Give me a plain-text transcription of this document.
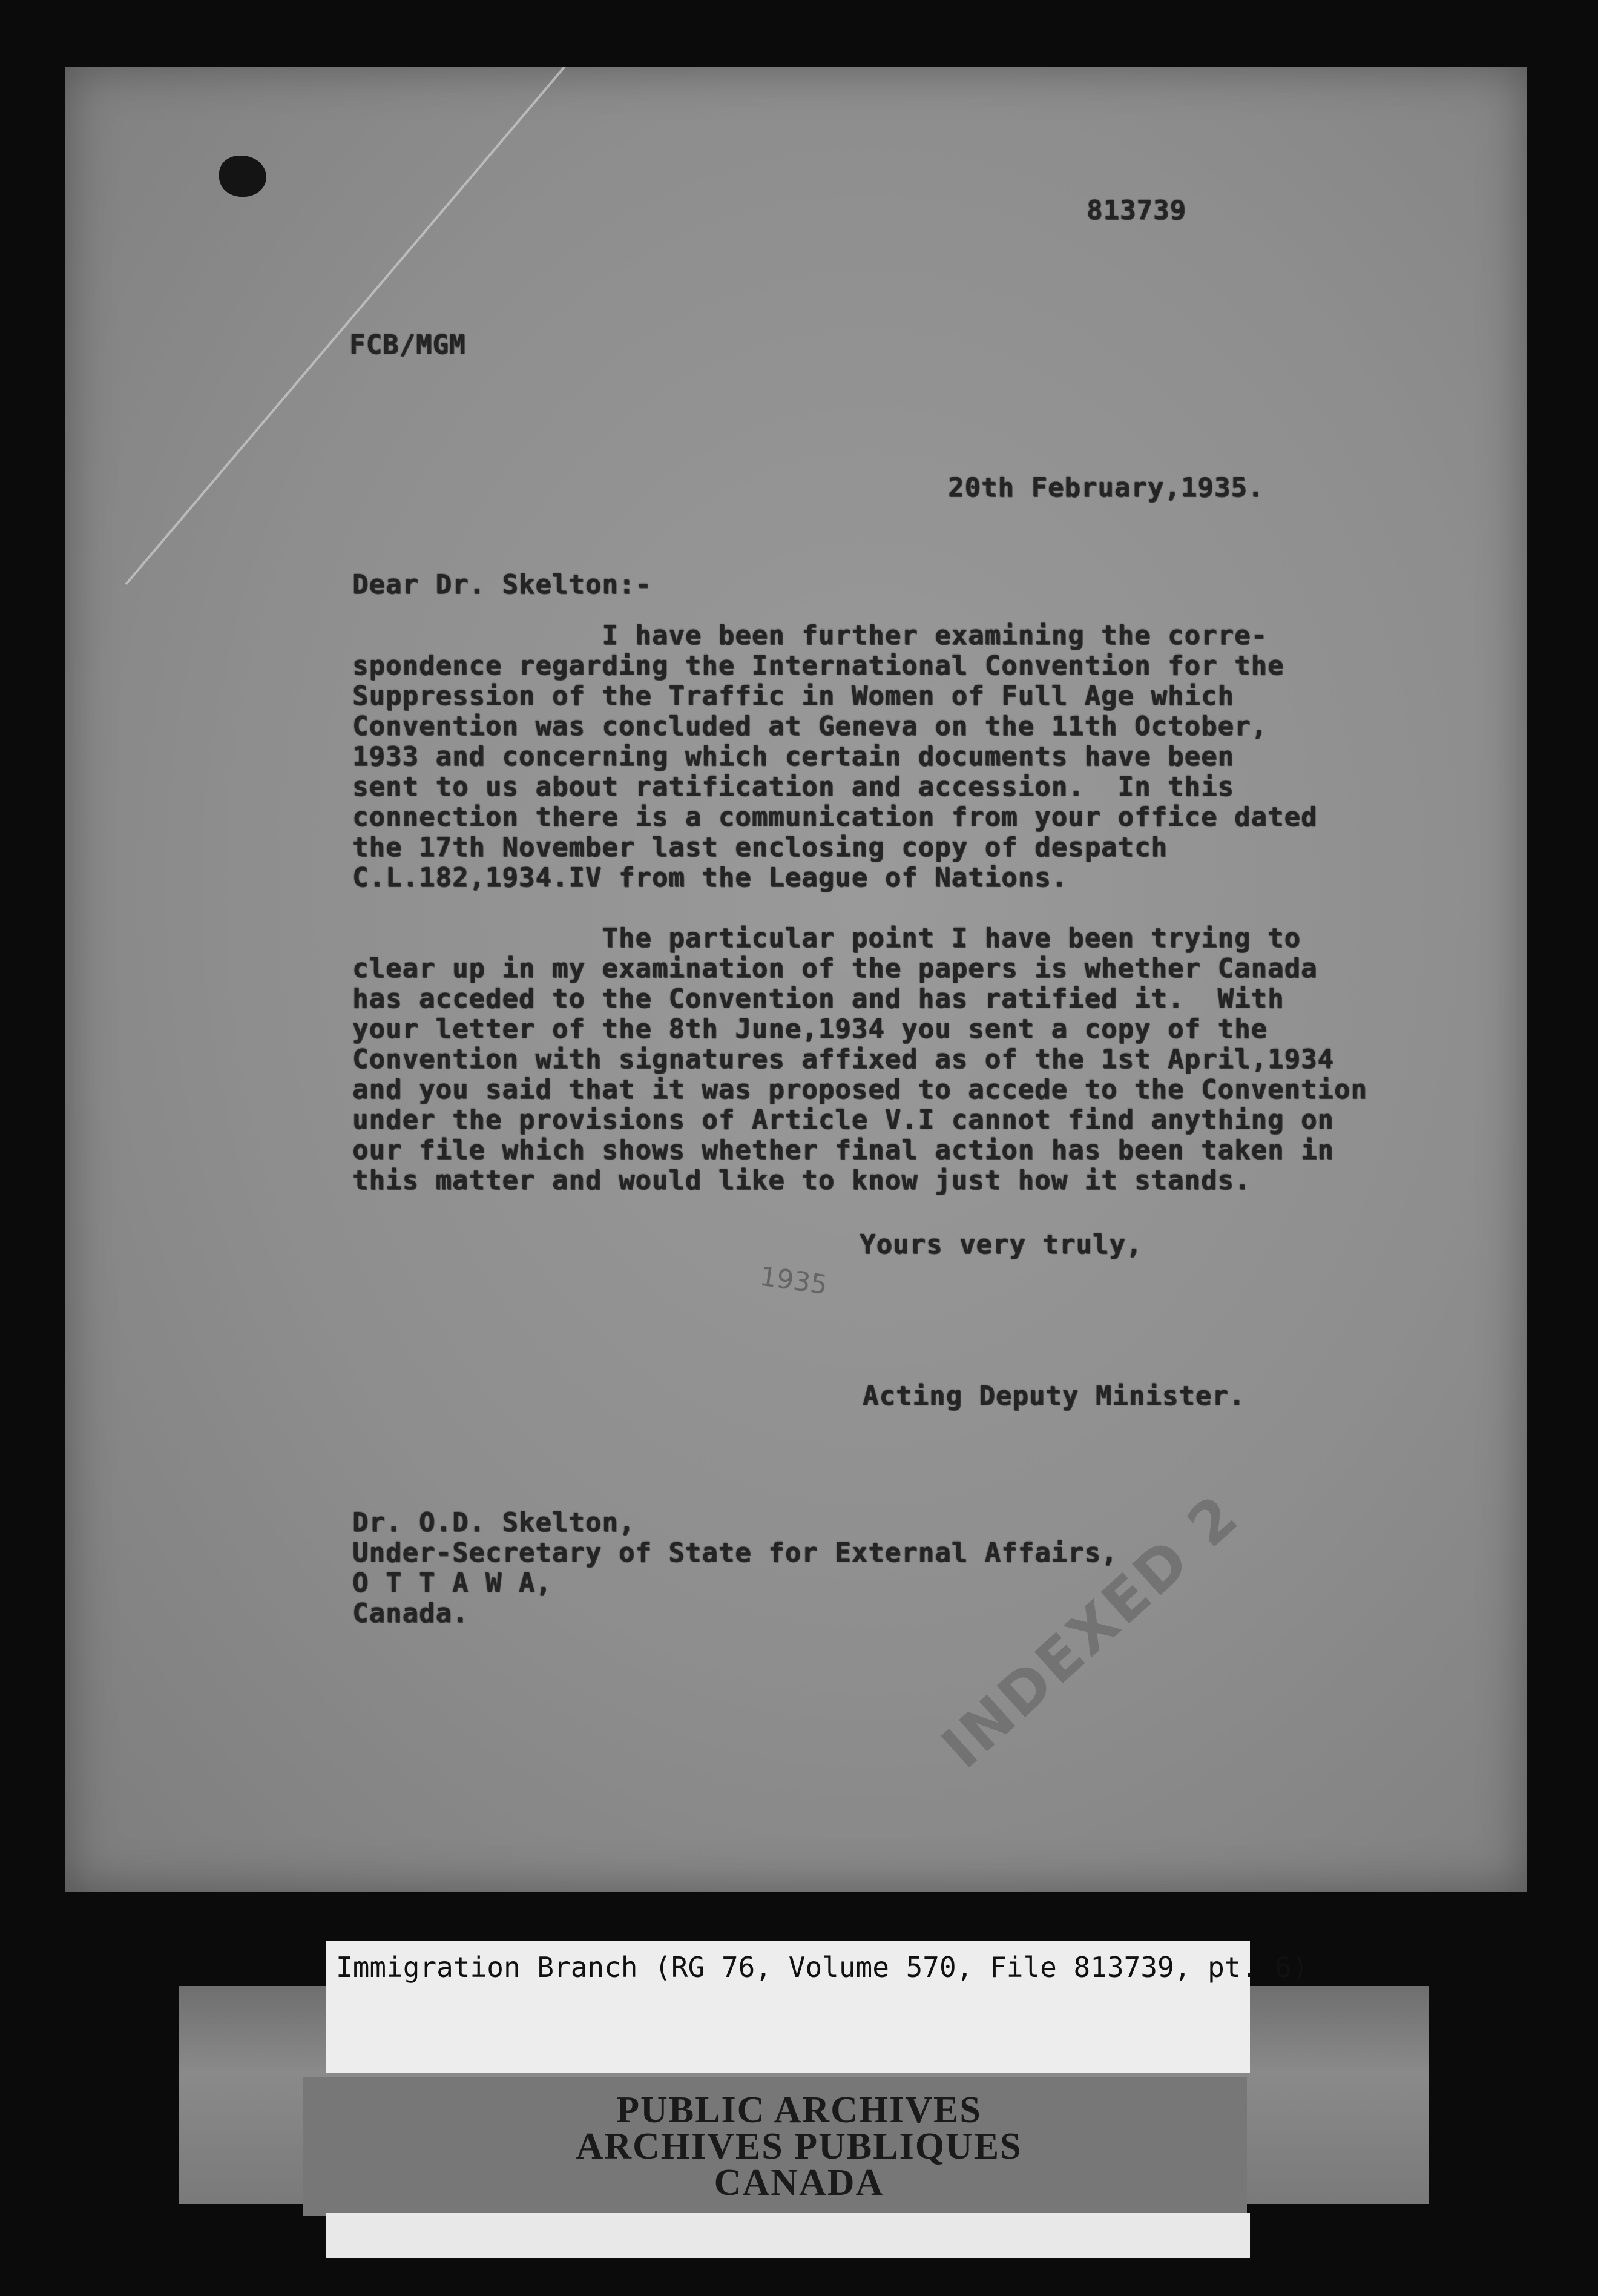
813739
FCB/MGM
20th February,1935.
Dear Dr. Skelton:-
I have been further examining the corre-
spondence regarding the International Convention for the
Suppression of the Traffic in Women of Full Age which
Convention was concluded at Geneva on the 11th October,
1933 and concerning which certain documents have been
sent to us about ratification and accession.  In this
connection there is a communication from your office dated
the 17th November last enclosing copy of despatch
C.L.182,1934.IV from the League of Nations.
The particular point I have been trying to
clear up in my examination of the papers is whether Canada
has acceded to the Convention and has ratified it.  With
your letter of the 8th June,1934 you sent a copy of the
Convention with signatures affixed as of the 1st April,1934
and you said that it was proposed to accede to the Convention
under the provisions of Article V.I cannot find anything on
our file which shows whether final action has been taken in
this matter and would like to know just how it stands.
Yours very truly,
1935
Acting Deputy Minister.
Dr. O.D. Skelton,
Under-Secretary of State for External Affairs,
O T T A W A,
Canada.	INDEXED 2
Immigration Branch (RG 76, Volume 570, File 813739, pt. 6)
PUBLIC ARCHIVES
ARCHIVES PUBLIQUES
CANADA
